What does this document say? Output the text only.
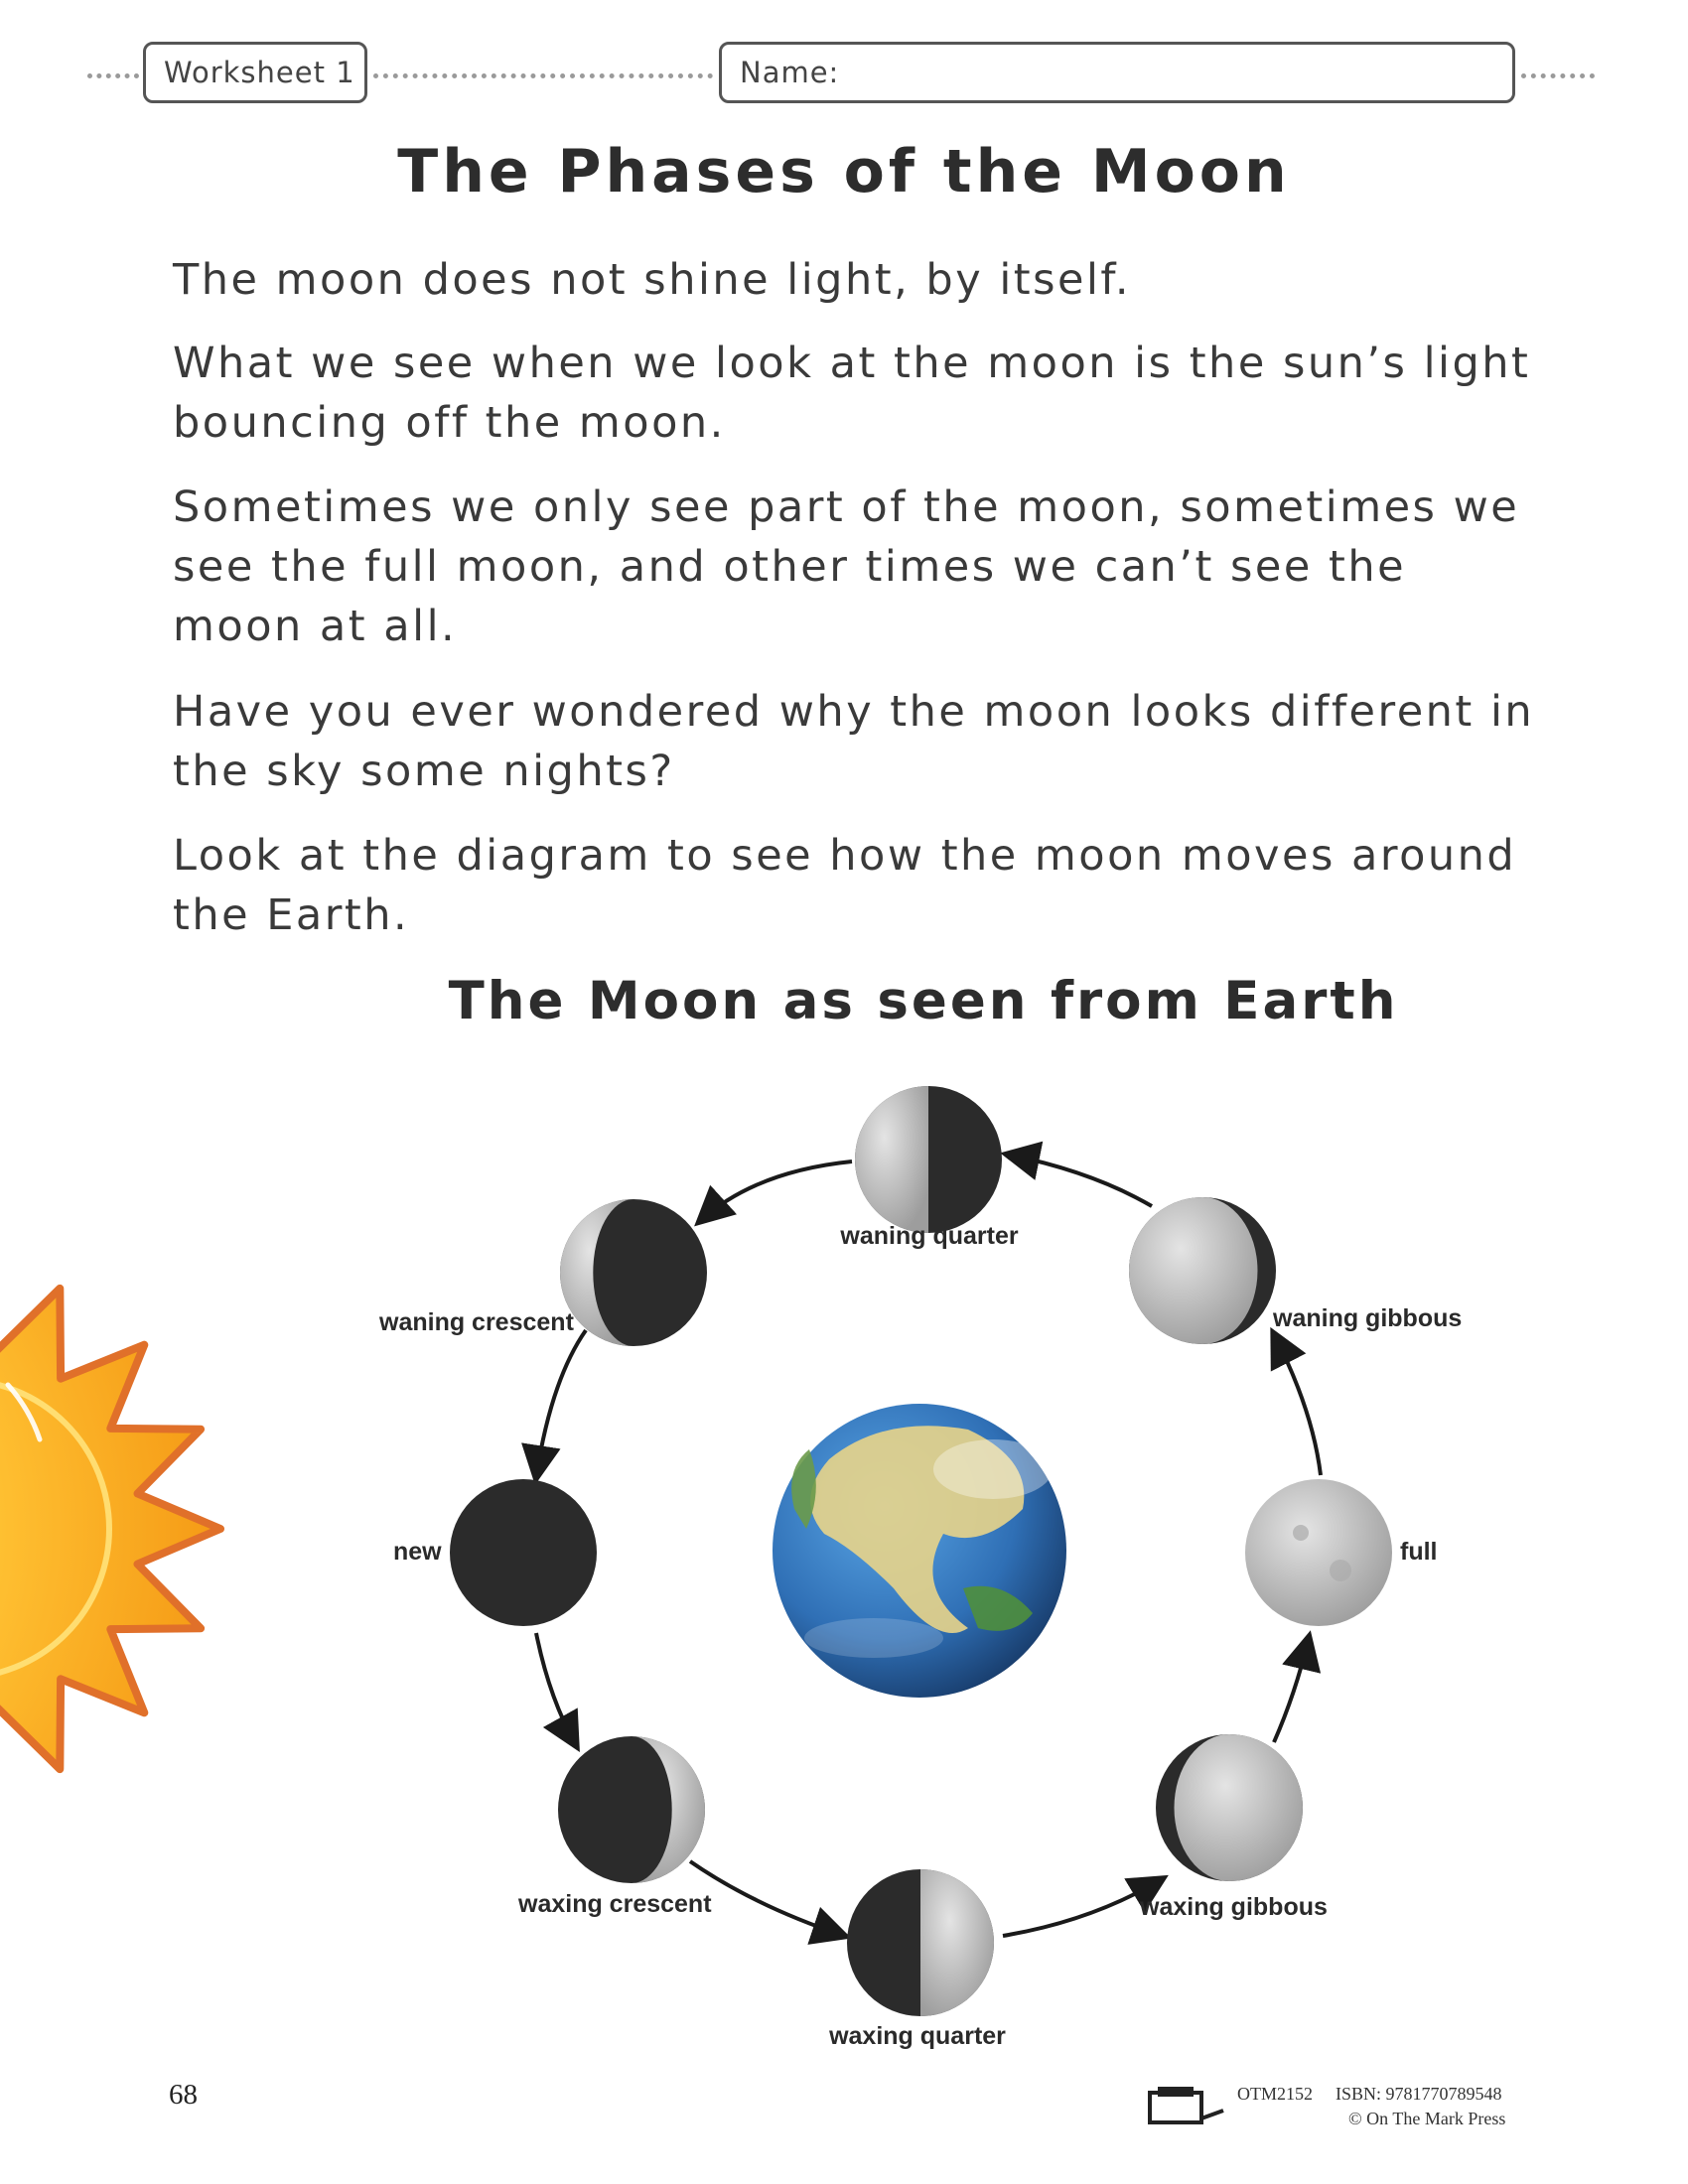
Worksheet 1	Name:
The Phases of the Moon

The moon does not shine light, by itself.

What we see when we look at the moon is the sun’s light bouncing off the moon.

Sometimes we only see part of the moon, sometimes we see the full moon, and other times we can’t see the moon at all.

Have you ever wondered why the moon looks different in the sky some nights?

Look at the diagram to see how the moon moves around the Earth.

The Moon as seen from Earth
waning quarter
waning crescent	waning gibbous
new	full
waxing crescent	waxing gibbous
waxing quarter
68	OTM2152 ISBN: 9781770789548
© On The Mark Press
